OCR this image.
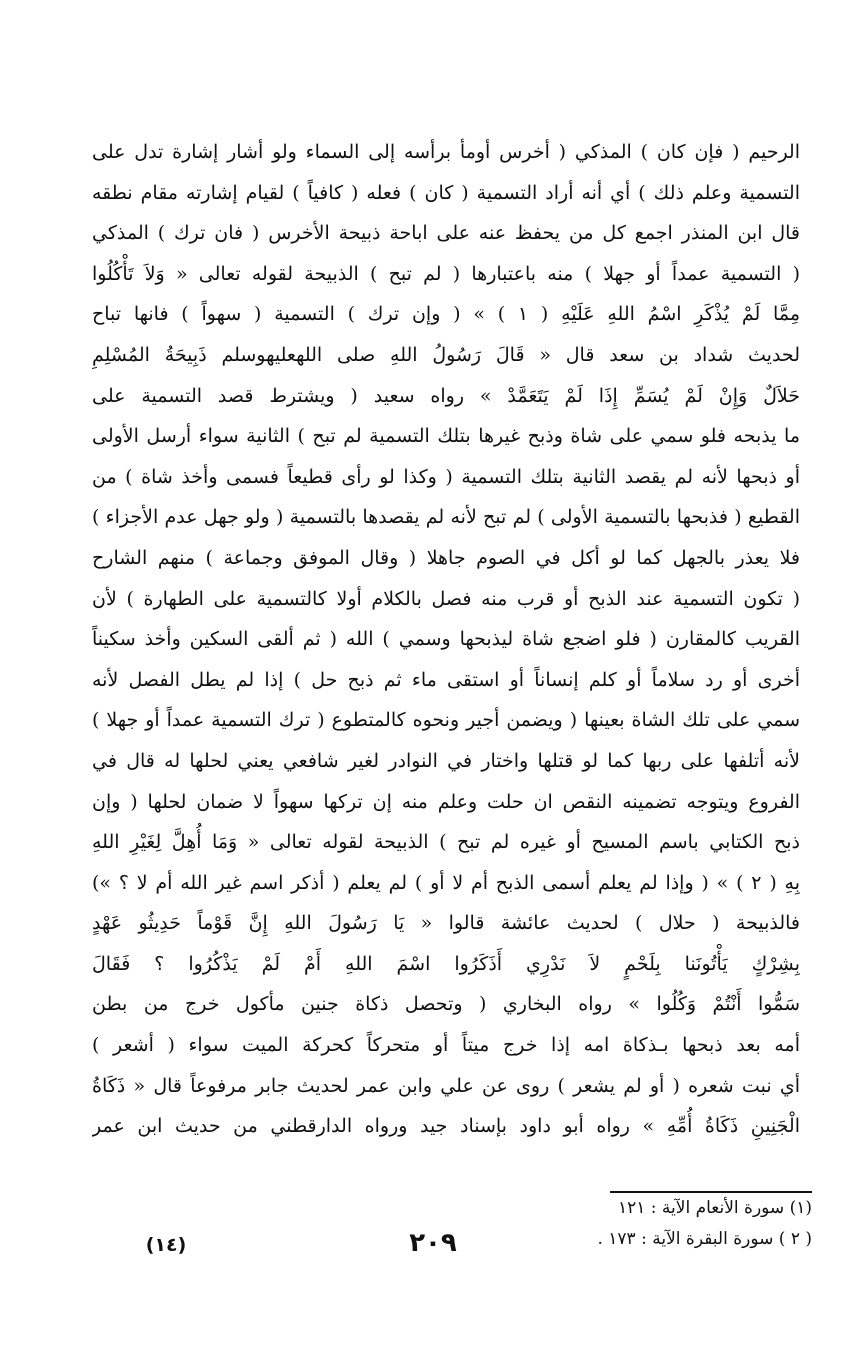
الرحيم ( فإن كان ) المذكي ( أخرس أومأ برأسه إلى السماء ولو أشار إشارة تدل على
التسمية وعلم ذلك ) أي أنه أراد التسمية ( كان ) فعله ( كافياً ) لقيام إشارته مقام نطقه
قال ابن المنذر اجمع كل من يحفظ عنه على اباحة ذبيحة الأخرس ( فان ترك ) المذكي
( التسمية عمداً أو جهلا ) منه باعتبارها ( لم تبح ) الذبيحة لقوله تعالى « وَلاَ تَأْكُلُوا
مِمَّا لَمْ يُذْكَرِ اسْمُ اللهِ عَلَيْهِ ( ١ ) » ( وإن ترك ) التسمية ( سهواً ) فانها تباح
لحديث شداد بن سعد قال « قَالَ رَسُولُ اللهِ صلى اللهعليهوسلم ذَبِيحَةُ المُسْلِمِ
حَلاَلٌ وَإِنْ لَمْ يُسَمِّ إِذَا لَمْ يَتَعَمَّدْ » رواه سعيد ( ويشترط قصد التسمية على
ما يذبحه فلو سمي على شاة وذبح غيرها بتلك التسمية لم تبح ) الثانية سواء أرسل الأولى
أو ذبحها لأنه لم يقصد الثانية بتلك التسمية ( وكذا لو رأى قطيعاً فسمى وأخذ شاة ) من
القطيع ( فذبحها بالتسمية الأولى ) لم تبح لأنه لم يقصدها بالتسمية ( ولو جهل عدم الأجزاء )
فلا يعذر بالجهل كما لو أكل في الصوم جاهلا ( وقال الموفق وجماعة ) منهم الشارح
( تكون التسمية عند الذبح أو قرب منه فصل بالكلام أولا كالتسمية على الطهارة ) لأن
القريب كالمقارن ( فلو اضجع شاة ليذبحها وسمي ) الله ( ثم ألقى السكين وأخذ سكيناً
أخرى أو رد سلاماً أو كلم إنساناً أو استقى ماء ثم ذبح حل ) إذا لم يطل الفصل لأنه
سمي على تلك الشاة بعينها ( ويضمن أجير ونحوه كالمتطوع ( ترك التسمية عمداً أو جهلا )
لأنه أتلفها على ربها كما لو قتلها واختار في النوادر لغير شافعي يعني لحلها له قال في
الفروع ويتوجه تضمينه النقص ان حلت وعلم منه إن تركها سهواً لا ضمان لحلها ( وإن
ذبح الكتابي باسم المسيح أو غيره لم تبح ) الذبيحة لقوله تعالى « وَمَا أُهِلَّ لِغَيْرِ اللهِ
بِهِ ( ٢ ) » ( وإذا لم يعلم أسمى الذبح أم لا أو ) لم يعلم ( أذكر اسم غير الله أم لا ؟ »)
فالذبيحة ( حلال ) لحديث عائشة قالوا « يَا رَسُولَ اللهِ إِنَّ قَوْماً حَدِيثُو عَهْدٍ
بِشِرْكٍ يَأْتُونَنا بِلَحْمٍ لاَ نَدْرِي أَذَكَرُوا اسْمَ اللهِ أَمْ لَمْ يَذْكُرُوا ؟ فَقَالَ
سَمُّوا أَنْتُمْ وَكُلُوا » رواه البخاري ( وتحصل ذكاة جنين مأكول خرج من بطن
أمه بعد ذبحها بـذكاة امه إذا خرج ميتاً أو متحركاً كحركة الميت سواء ( أشعر )
أي نبت شعره ( أو لم يشعر ) روى عن علي وابن عمر لحديث جابر مرفوعاً قال « ذَكَاةُ
الْجَنِينِ ذَكَاةُ أُمِّهِ » رواه أبو داود بإسناد جيد ورواه الدارقطني من حديث ابن عمر
(١) سورة الأنعام الآية : ١٢١
( ٢ ) سورة البقرة الآية : ١٧٣ .
٢٠٩
(١٤)
